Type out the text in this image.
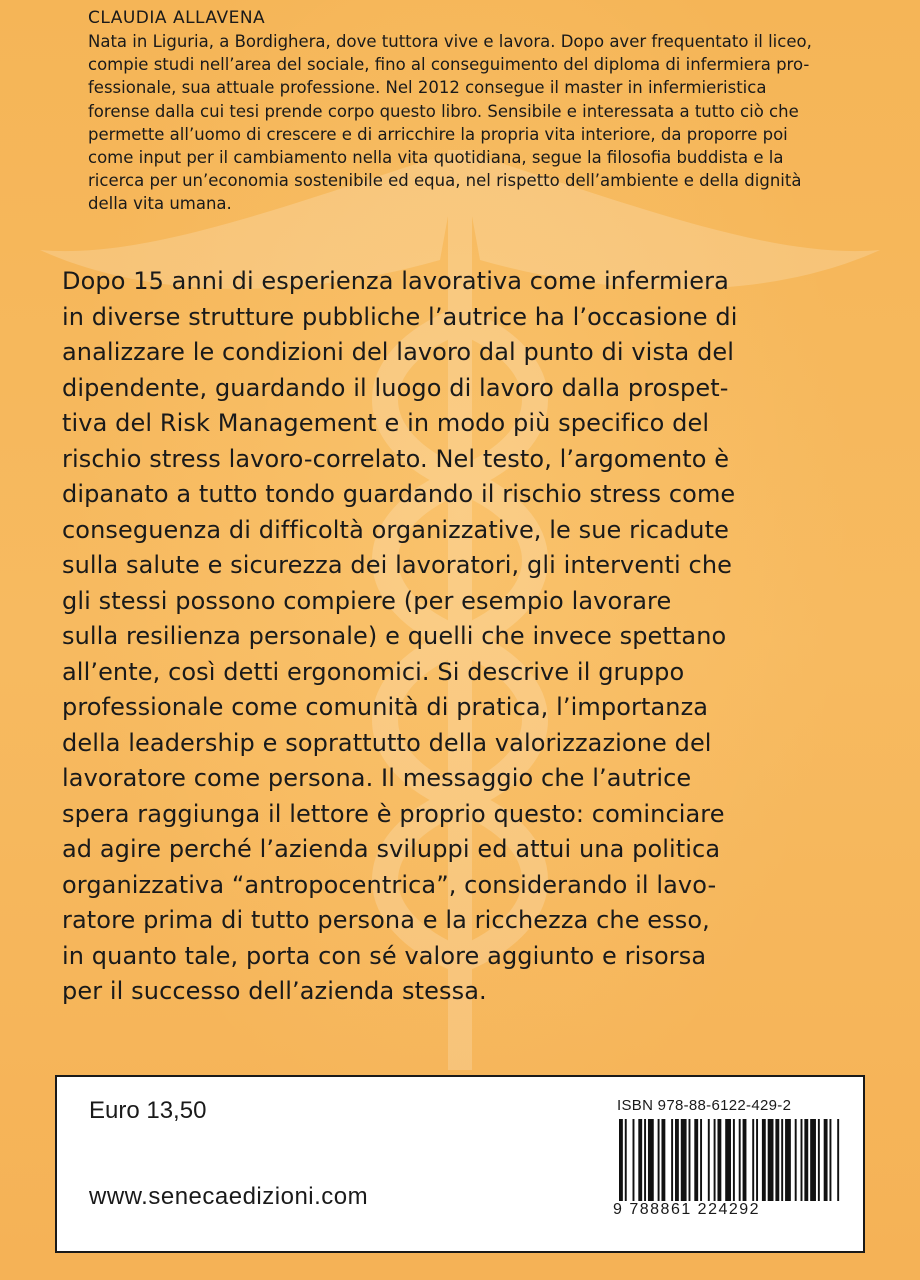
CLAUDIA ALLAVENA

Nata in Liguria, a Bordighera, dove tuttora vive e lavora. Dopo aver frequentato il liceo,
compie studi nell’area del sociale, fino al conseguimento del diploma di infermiera pro-
fessionale, sua attuale professione. Nel 2012 consegue il master in infermieristica
forense dalla cui tesi prende corpo questo libro. Sensibile e interessata a tutto ciò che
permette all’uomo di crescere e di arricchire la propria vita interiore, da proporre poi
come input per il cambiamento nella vita quotidiana, segue la filosofia buddista e la
ricerca per un’economia sostenibile ed equa, nel rispetto dell’ambiente e della dignità
della vita umana.

Dopo 15 anni di esperienza lavorativa come infermiera
in diverse strutture pubbliche l’autrice ha l’occasione di
analizzare le condizioni del lavoro dal punto di vista del
dipendente, guardando il luogo di lavoro dalla prospet-
tiva del Risk Management e in modo più specifico del
rischio stress lavoro-correlato. Nel testo, l’argomento è
dipanato a tutto tondo guardando il rischio stress come
conseguenza di difficoltà organizzative, le sue ricadute
sulla salute e sicurezza dei lavoratori, gli interventi che
gli stessi possono compiere (per esempio lavorare
sulla resilienza personale) e quelli che invece spettano
all’ente, così detti ergonomici. Si descrive il gruppo
professionale come comunità di pratica, l’importanza
della leadership e soprattutto della valorizzazione del
lavoratore come persona. Il messaggio che l’autrice
spera raggiunga il lettore è proprio questo: cominciare
ad agire perché l’azienda sviluppi ed attui una politica
organizzativa “antropocentrica”, considerando il lavo-
ratore prima di tutto persona e la ricchezza che esso,
in quanto tale, porta con sé valore aggiunto e risorsa
per il successo dell’azienda stessa.

Euro 13,50
www.senecaedizioni.com
ISBN 978-88-6122-429-2
9 788861 224292
